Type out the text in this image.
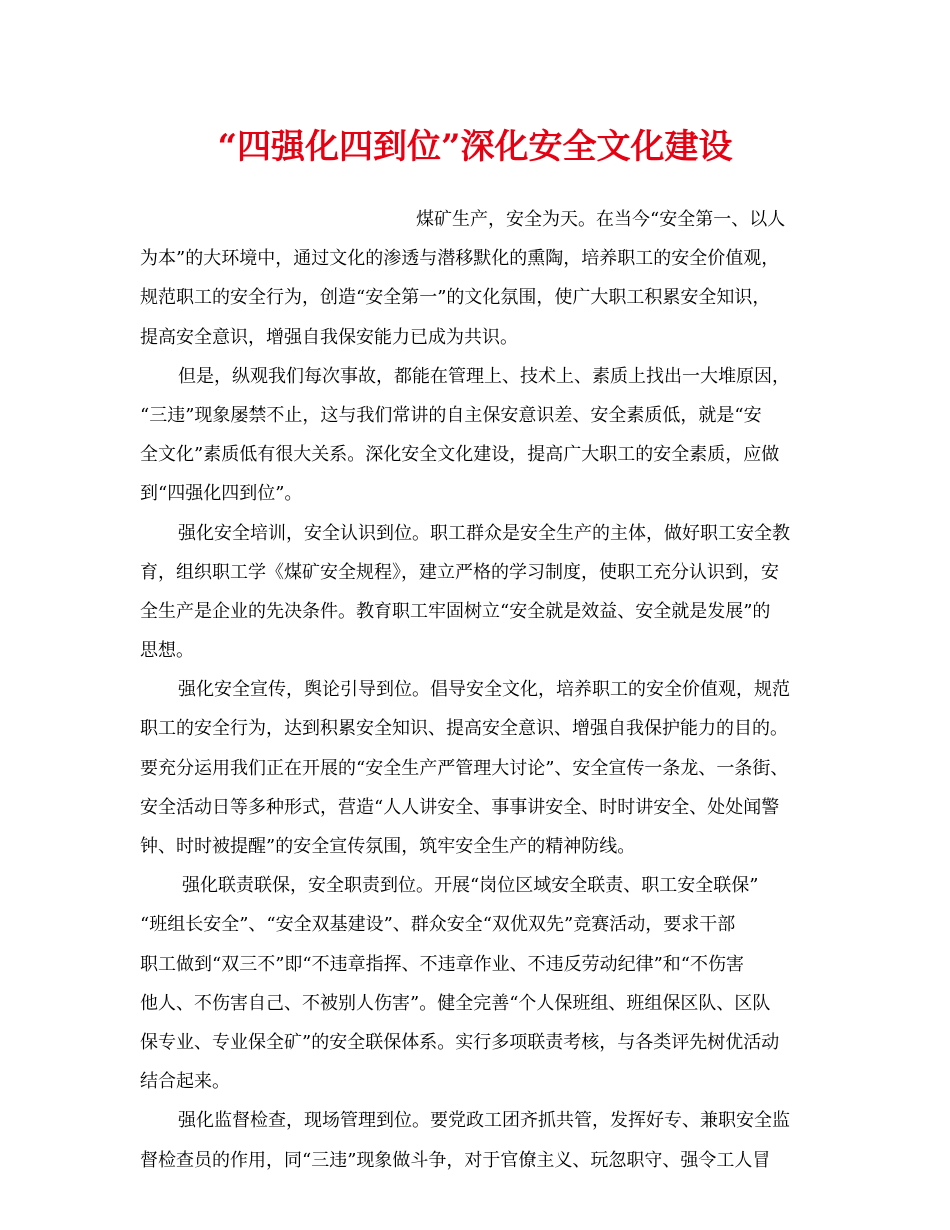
“四强化四到位”深化安全文化建设
煤矿生产，安全为天。在当今“安全第一、以人
为本”的大环境中，通过文化的渗透与潜移默化的熏陶，培养职工的安全价值观，
规范职工的安全行为，创造“安全第一”的文化氛围，使广大职工积累安全知识，
提高安全意识，增强自我保安能力已成为共识。
但是，纵观我们每次事故，都能在管理上、技术上、素质上找出一大堆原因，
“三违”现象屡禁不止，这与我们常讲的自主保安意识差、安全素质低，就是“安
全文化”素质低有很大关系。深化安全文化建设，提高广大职工的安全素质，应做
到“四强化四到位”。
强化安全培训，安全认识到位。职工群众是安全生产的主体，做好职工安全教
育，组织职工学《煤矿安全规程》，建立严格的学习制度，使职工充分认识到，安
全生产是企业的先决条件。教育职工牢固树立“安全就是效益、安全就是发展”的
思想。
强化安全宣传，舆论引导到位。倡导安全文化，培养职工的安全价值观，规范
职工的安全行为，达到积累安全知识、提高安全意识、增强自我保护能力的目的。
要充分运用我们正在开展的“安全生产严管理大讨论”、安全宣传一条龙、一条街、
安全活动日等多种形式，营造“人人讲安全、事事讲安全、时时讲安全、处处闻警
钟、时时被提醒”的安全宣传氛围，筑牢安全生产的精神防线。
强化联责联保，安全职责到位。开展“岗位区域安全联责、职工安全联保”
“班组长安全”、“安全双基建设”、群众安全“双优双先”竞赛活动，要求干部
职工做到“双三不”即“不违章指挥、不违章作业、不违反劳动纪律”和“不伤害
他人、不伤害自己、不被别人伤害”。健全完善“个人保班组、班组保区队、区队
保专业、专业保全矿”的安全联保体系。实行多项联责考核，与各类评先树优活动
结合起来。
强化监督检查，现场管理到位。要党政工团齐抓共管，发挥好专、兼职安全监
督检查员的作用，同“三违”现象做斗争，对于官僚主义、玩忽职守、强令工人冒
